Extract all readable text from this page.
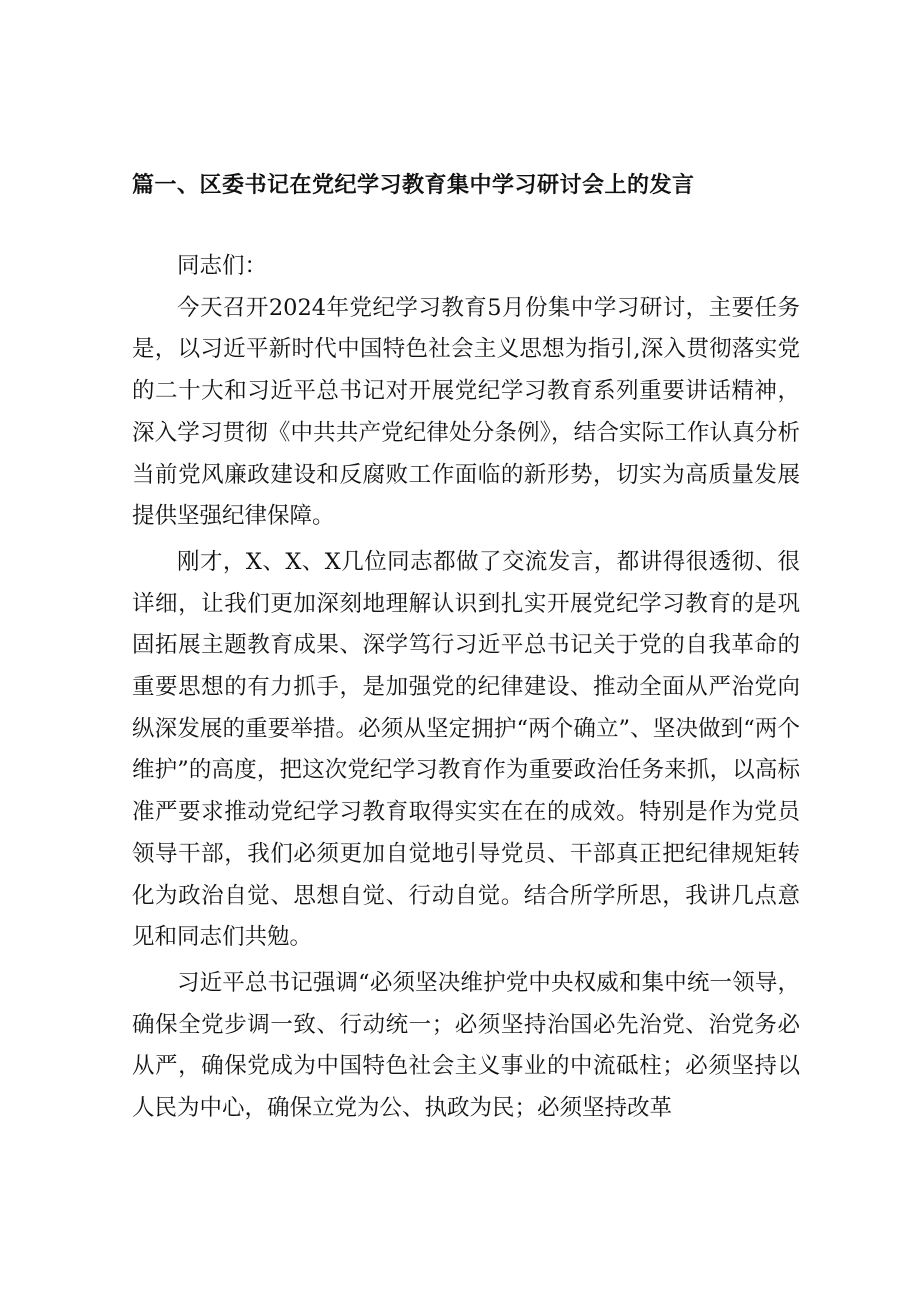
篇一、区委书记在党纪学习教育集中学习研讨会上的发言

同志们：

今天召开2024年党纪学习教育5月份集中学习研讨，主要任务是，以习近平新时代中国特色社会主义思想为指引,深入贯彻落实党的二十大和习近平总书记对开展党纪学习教育系列重要讲话精神，深入学习贯彻《中共共产党纪律处分条例》，结合实际工作认真分析当前党风廉政建设和反腐败工作面临的新形势，切实为高质量发展提供坚强纪律保障。

刚才，X、X、X几位同志都做了交流发言，都讲得很透彻、很详细，让我们更加深刻地理解认识到扎实开展党纪学习教育的是巩固拓展主题教育成果、深学笃行习近平总书记关于党的自我革命的重要思想的有力抓手，是加强党的纪律建设、推动全面从严治党向纵深发展的重要举措。必须从坚定拥护“两个确立”、坚决做到“两个维护”的高度，把这次党纪学习教育作为重要政治任务来抓，以高标准严要求推动党纪学习教育取得实实在在的成效。特别是作为党员领导干部，我们必须更加自觉地引导党员、干部真正把纪律规矩转化为政治自觉、思想自觉、行动自觉。结合所学所思，我讲几点意见和同志们共勉。

习近平总书记强调“必须坚决维护党中央权威和集中统一领导，确保全党步调一致、行动统一；必须坚持治国必先治党、治党务必从严，确保党成为中国特色社会主义事业的中流砥柱；必须坚持以人民为中心，确保立党为公、执政为民；必须坚持改革
